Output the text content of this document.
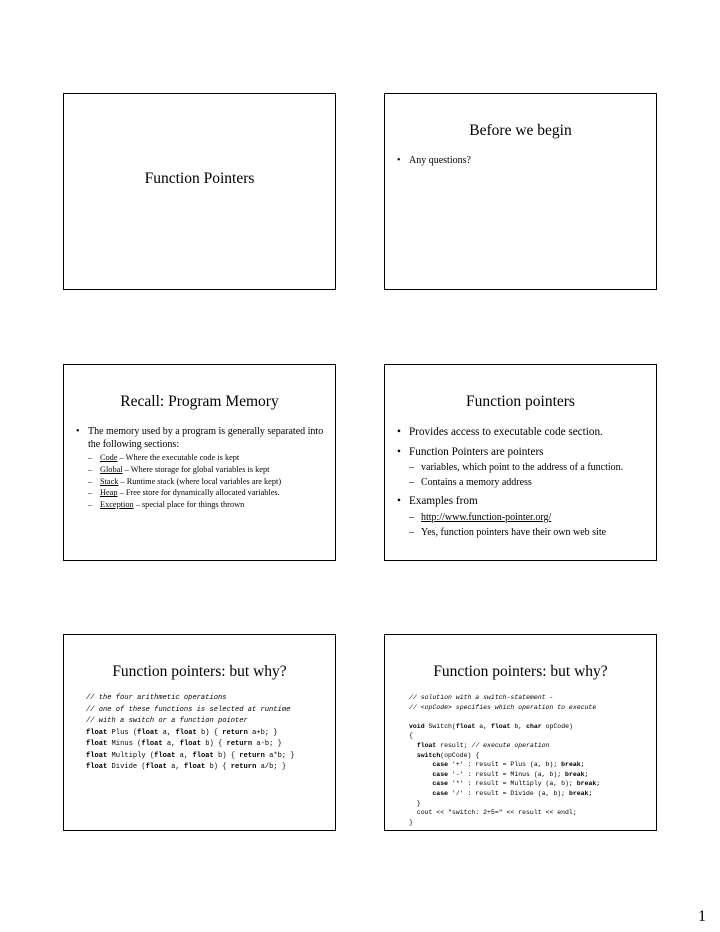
Function Pointers
Before we begin
• Any questions?
Recall: Program Memory
• The memory used by a program is generally separated into the following sections:
– Code – Where the executable code is kept
– Global – Where storage for global variables is kept
– Stack – Runtime stack (where local variables are kept)
– Heap – Free store for dynamically allocated variables.
– Exception – special place for things thrown
Function pointers
• Provides access to executable code section.
• Function Pointers are pointers
– variables, which point to the address of a function.
– Contains a memory address
• Examples from
– http://www.function-pointer.org/
– Yes, function pointers have their own web site
Function pointers: but why?
// the four arithmetic operations
// one of these functions is selected at runtime
// with a switch or a function pointer
float Plus (float a, float b) { return a+b; }
float Minus (float a, float b) { return a-b; }
float Multiply (float a, float b) { return a*b; }
float Divide (float a, float b) { return a/b; }
Function pointers: but why?
// solution with a switch-statement -
// <opCode> specifies which operation to execute

void Switch(float a, float b, char opCode)
{
float result; // execute operation
switch(opCode) {
case '+' : result = Plus (a, b); break;
case '-' : result = Minus (a, b); break;
case '*' : result = Multiply (a, b); break;
case '/' : result = Divide (a, b); break;
}
cout << "switch: 2+5=" << result << endl;
}
1
